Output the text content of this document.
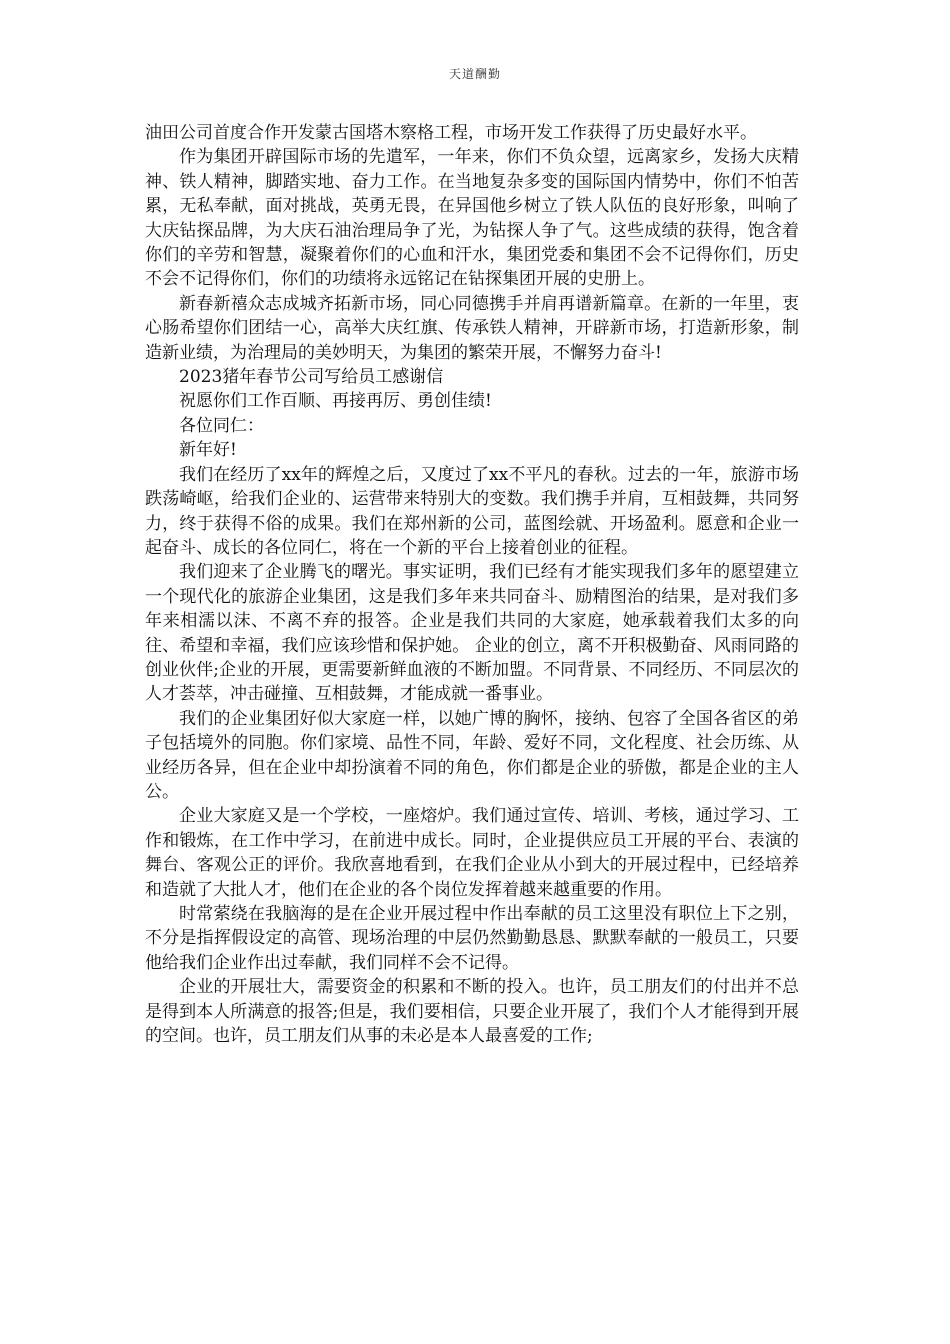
天道酬勤

油田公司首度合作开发蒙古国塔木察格工程，市场开发工作获得了历史最好水平。

作为集团开辟国际市场的先遣军，一年来，你们不负众望，远离家乡，发扬大庆精神、铁人精神，脚踏实地、奋力工作。在当地复杂多变的国际国内情势中，你们不怕苦累，无私奉献，面对挑战，英勇无畏，在异国他乡树立了铁人队伍的良好形象，叫响了大庆钻探品牌，为大庆石油治理局争了光，为钻探人争了气。这些成绩的获得，饱含着你们的辛劳和智慧，凝聚着你们的心血和汗水，集团党委和集团不会不记得你们，历史不会不记得你们，你们的功绩将永远铭记在钻探集团开展的史册上。

新春新禧众志成城齐拓新市场，同心同德携手并肩再谱新篇章。在新的一年里，衷心肠希望你们团结一心，高举大庆红旗、传承铁人精神，开辟新市场，打造新形象，制造新业绩，为治理局的美妙明天，为集团的繁荣开展，不懈努力奋斗!

2023猪年春节公司写给员工感谢信

祝愿你们工作百顺、再接再厉、勇创佳绩!

各位同仁：

新年好!

我们在经历了xx年的辉煌之后，又度过了xx不平凡的春秋。过去的一年，旅游市场跌荡崎岖，给我们企业的、运营带来特别大的变数。我们携手并肩，互相鼓舞，共同努力，终于获得不俗的成果。我们在郑州新的公司，蓝图绘就、开场盈利。愿意和企业一起奋斗、成长的各位同仁，将在一个新的平台上接着创业的征程。

我们迎来了企业腾飞的曙光。事实证明，我们已经有才能实现我们多年的愿望建立一个现代化的旅游企业集团，这是我们多年来共同奋斗、励精图治的结果，是对我们多年来相濡以沫、不离不弃的报答。企业是我们共同的大家庭，她承载着我们太多的向往、希望和幸福，我们应该珍惜和保护她。 企业的创立，离不开积极勤奋、风雨同路的创业伙伴;企业的开展，更需要新鲜血液的不断加盟。不同背景、不同经历、不同层次的人才荟萃，冲击碰撞、互相鼓舞，才能成就一番事业。

我们的企业集团好似大家庭一样，以她广博的胸怀，接纳、包容了全国各省区的弟子包括境外的同胞。你们家境、品性不同，年龄、爱好不同，文化程度、社会历练、从业经历各异，但在企业中却扮演着不同的角色，你们都是企业的骄傲，都是企业的主人公。

企业大家庭又是一个学校，一座熔炉。我们通过宣传、培训、考核，通过学习、工作和锻炼，在工作中学习，在前进中成长。同时，企业提供应员工开展的平台、表演的舞台、客观公正的评价。我欣喜地看到，在我们企业从小到大的开展过程中，已经培养和造就了大批人才，他们在企业的各个岗位发挥着越来越重要的作用。

时常萦绕在我脑海的是在企业开展过程中作出奉献的员工这里没有职位上下之别，不分是指挥假设定的高管、现场治理的中层仍然勤勤恳恳、默默奉献的一般员工，只要他给我们企业作出过奉献，我们同样不会不记得。

企业的开展壮大，需要资金的积累和不断的投入。也许，员工朋友们的付出并不总是得到本人所满意的报答;但是，我们要相信，只要企业开展了，我们个人才能得到开展的空间。也许，员工朋友们从事的未必是本人最喜爱的工作;
